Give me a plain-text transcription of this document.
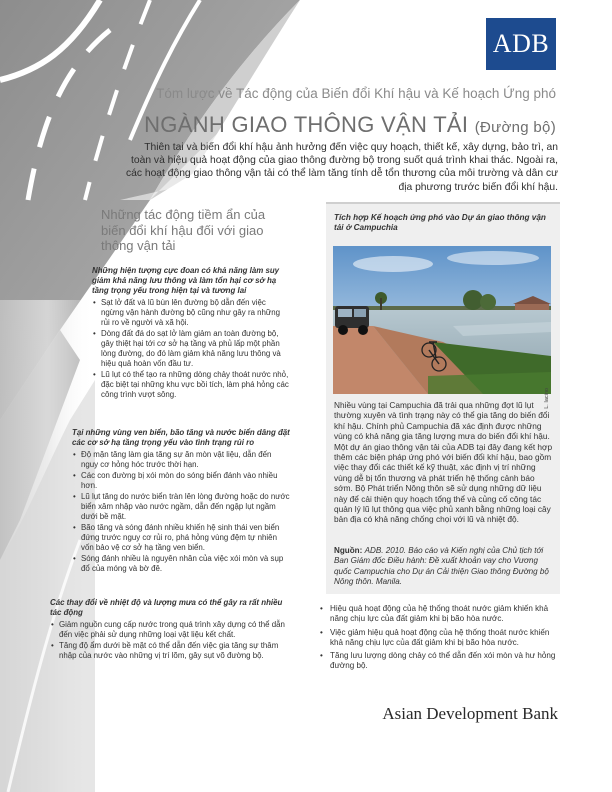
ADB
Tóm lược về Tác động của Biến đổi Khí hậu và Kế hoạch Ứng phó
NGÀNH GIAO THÔNG VẬN TẢI (Đường bộ)
Thiên tai và biến đổi khí hậu ảnh hưởng đến việc quy hoạch, thiết kế, xây dựng, bảo trì, an toàn và hiệu quả hoạt động của giao thông đường bộ trong suốt quá trình khai thác. Ngoài ra, các hoạt động giao thông vận tải có thể làm tăng tính dễ tổn thương của môi trường và dân cư địa phương trước biến đổi khí hậu.
Những tác động tiềm ẩn của biến đổi khí hậu đối với giao thông vận tải
Những hiện tượng cực đoan có khả năng làm suy giảm khả năng lưu thông và làm tổn hại cơ sở hạ tầng trọng yếu trong hiện tại và tương lai
• Sạt lở đất và lũ bùn lên đường bộ dẫn đến việc ngừng vận hành đường bộ cũng như gây ra những rủi ro về người và xã hội.
• Dòng đất đá do sạt lở làm giảm an toàn đường bộ, gây thiệt hại tới cơ sở hạ tầng và phủ lấp một phần lòng đường, do đó làm giảm khả năng lưu thông và hiệu quả hoàn vốn đầu tư.
• Lũ lụt có thể tạo ra những dòng chảy thoát nước nhỏ, đặc biệt tại những khu vực bồi tích, làm phá hỏng các công trình vượt sông.
Tại những vùng ven biển, bão tăng và nước biển dâng đặt các cơ sở hạ tầng trọng yếu vào tình trạng rủi ro
• Độ mặn tăng làm gia tăng sự ăn mòn vật liệu, dẫn đến nguy cơ hỏng hóc trước thời hạn.
• Các con đường bị xói mòn do sóng biển đánh vào nhiều hơn.
• Lũ lụt tăng do nước biển tràn lên lòng đường hoặc do nước biển xâm nhập vào nước ngầm, dẫn đến ngập lụt ngầm dưới bề mặt.
• Bão tăng và sóng đánh nhiều khiến hệ sinh thái ven biển đứng trước nguy cơ rủi ro, phá hỏng vùng đệm tự nhiên vốn bảo vệ cơ sở hạ tầng ven biển.
• Sóng đánh nhiều là nguyên nhân của việc xói mòn và sụp đổ của móng và bờ đê.
Các thay đổi về nhiệt độ và lượng mưa có thể gây ra rất nhiều tác động
• Giảm nguồn cung cấp nước trong quá trình xây dựng có thể dẫn đến việc phải sử dụng những loại vật liệu kết chất.
• Tăng độ ẩm dưới bề mặt có thể dẫn đến việc gia tăng sự thâm nhập của nước vào những vị trí lõm, gây sụt võ đường bộ.
Tích hợp Kế hoạch ứng phó vào Dự án giao thông vận tải ở Campuchia
L. Iacino
Nhiều vùng tại Campuchia đã trải qua những đợt lũ lụt thường xuyên và tình trạng này có thể gia tăng do biến đổi khí hậu. Chính phủ Campuchia đã xác định được những vùng có khả năng gia tăng lượng mưa do biến đổi khí hậu. Một dự án giao thông vận tải của ADB tại đây đang kết hợp thêm các biện pháp ứng phó với biến đổi khí hậu, bao gồm việc thay đổi các thiết kế kỹ thuật, xác định vị trí những vùng dễ bị tổn thương và phát triển hệ thống cảnh báo sớm. Bộ Phát triển Nông thôn sẽ sử dụng những dữ liệu này để cải thiện quy hoạch tổng thể và củng cố công tác quản lý lũ lụt thông qua việc phủ xanh bằng những loại cây bản địa có khả năng chống chọi với lũ và nhiệt độ.
Nguồn: ADB. 2010. Báo cáo và Kiến nghị của Chủ tịch tới Ban Giám đốc Điều hành: Đề xuất khoản vay cho Vương quốc Campuchia cho Dự án Cải thiện Giao thông Đường bộ Nông thôn. Manila.
• Hiệu quả hoạt động của hệ thống thoát nước giảm khiến khả năng chịu lực của đất giảm khi bị bão hòa nước.
• Việc giảm hiệu quả hoạt động của hệ thống thoát nước khiến khả năng chịu lực của đất giảm khi bị bão hòa nước.
• Tăng lưu lượng dòng chảy có thể dẫn đến xói mòn và hư hỏng đường bộ.
Asian Development Bank
